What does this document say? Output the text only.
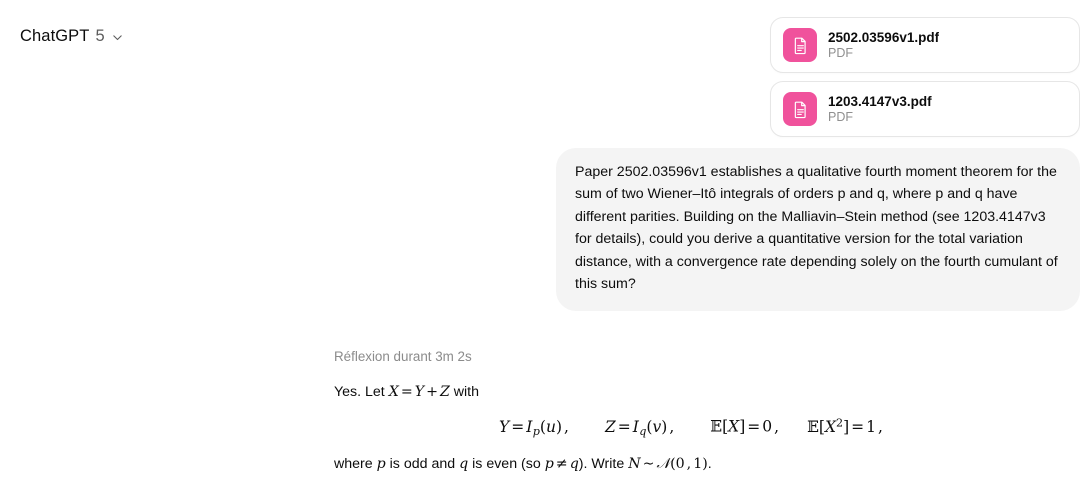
ChatGPT 5	2502.03596v1.pdf
PDF
1203.4147v3.pdf
PDF
Paper 2502.03596v1 establishes a qualitative fourth moment theorem for the sum of two Wiener–Itô integrals of orders p and q, where p and q have different parities. Building on the Malliavin–Stein method (see 1203.4147v3 for details), could you derive a quantitative version for the total variation distance, with a convergence rate depending solely on the fourth cumulant of this sum?
Réflexion durant 3m 2s

Yes. Let X = Y + Z with

$Y = I_p(u)$ , $Z = I_q(v)$ , 𝔼[X] = 0 , $𝔼[X^2] = 1$ ,

where p is odd and q is even (so p ≠ q). Write N ∼ 𝒩(0 , 1).
